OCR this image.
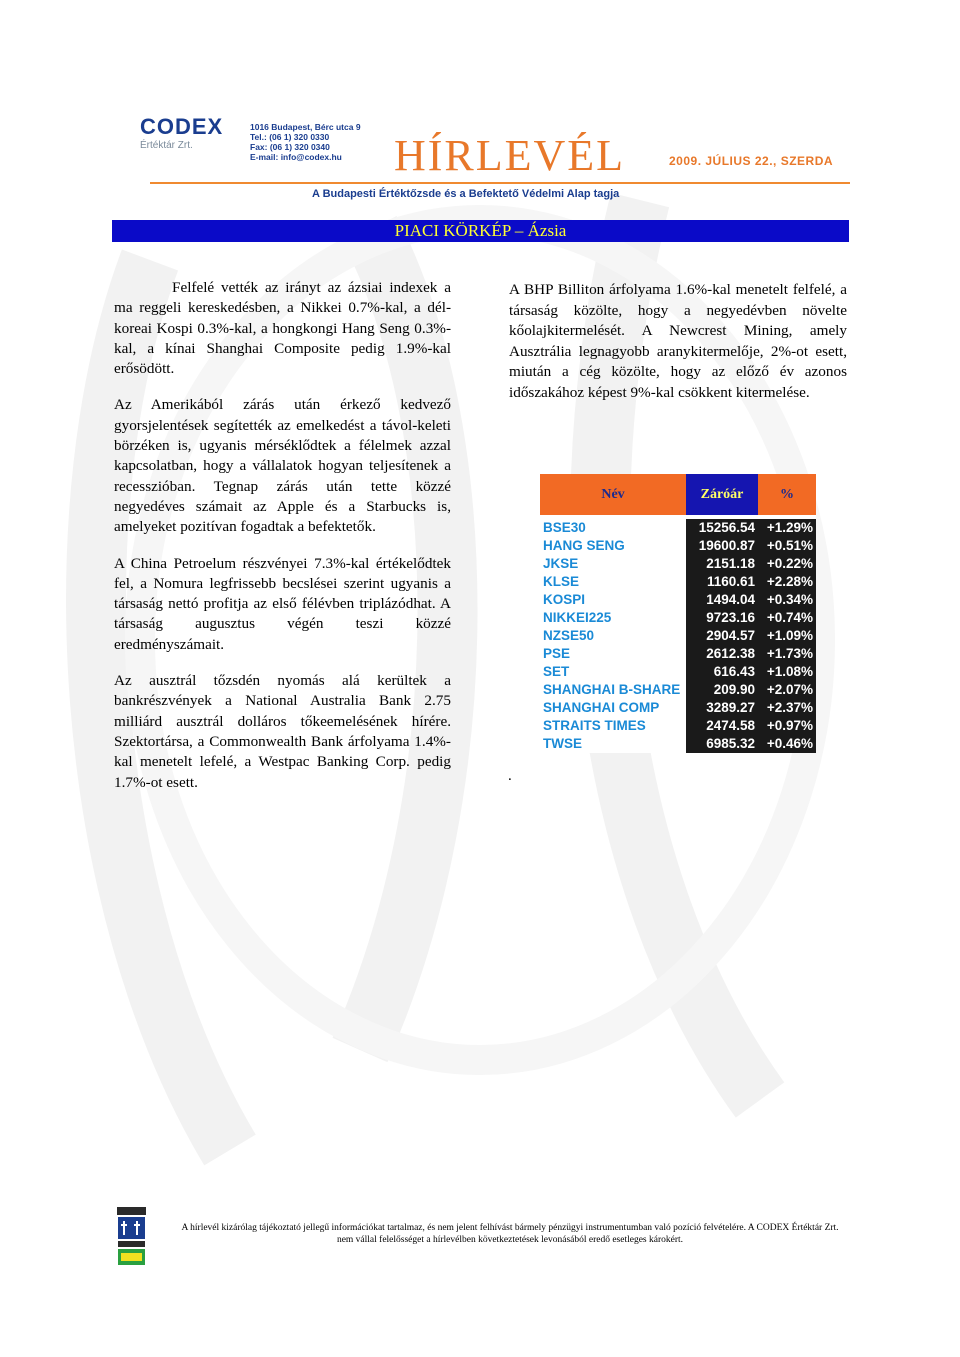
CODEX
Értéktár Zrt.
1016 Budapest, Bérc utca 9
Tel.: (06 1) 320 0330
Fax: (06 1) 320 0340
E-mail: info@codex.hu	HÍRLEVÉL	2009. JÚLIUS 22., SZERDA
A Budapesti Értéktőzsde és a Befektető Védelmi Alap tagja
PIACI KÖRKÉP – Ázsia

Felfelé vették az irányt az ázsiai indexek a ma reggeli kereskedésben, a Nikkei 0.7%-kal, a dél-koreai Kospi 0.3%-kal, a hongkongi Hang Seng 0.3%-kal, a kínai Shanghai Composite pedig 1.9%-kal erősödött.

Az Amerikából zárás után érkező kedvező gyorsjelentések segítették az emelkedést a távol-keleti börzéken is, ugyanis mérséklődtek a félelmek azzal kapcsolatban, hogy a vállalatok hogyan teljesítenek a recesszióban. Tegnap zárás után tette közzé negyedéves számait az Apple és a Starbucks is, amelyeket pozitívan fogadtak a befektetők.

A China Petroelum részvényei 7.3%-kal értékelődtek fel, a Nomura legfrissebb becslései szerint ugyanis a társaság nettó profitja az első félévben triplázódhat. A társaság augusztus végén teszi közzé eredményszámait.

Az ausztrál tőzsdén nyomás alá kerültek a bankrészvények a National Australia Bank 2.75 milliárd ausztrál dolláros tőkeemelésének hírére. Szektortársa, a Commonwealth Bank árfolyama 1.4%-kal menetelt lefelé, a Westpac Banking Corp. pedig 1.7%-ot esett.

A BHP Billiton árfolyama 1.6%-kal menetelt felfelé, a társaság közölte, hogy a negyedévben növelte kőolajkitermelését. A Newcrest Mining, amely Ausztrália legnagyobb aranykitermelője, 2%-ot esett, miután a cég közölte, hogy az előző év azonos időszakához képest 9%-kal csökkent kitermelése.

Név	Záróár	%

BSE30	15256.54	+1.29%
HANG SENG	19600.87	+0.51%
JKSE	2151.18	+0.22%
KLSE	1160.61	+2.28%
KOSPI	1494.04	+0.34%
NIKKEI225	9723.16	+0.74%
NZSE50	2904.57	+1.09%
PSE	2612.38	+1.73%
SET	616.43	+1.08%
SHANGHAI B-SHARE	209.90	+2.07%
SHANGHAI COMP	3289.27	+2.37%
STRAITS TIMES	2474.58	+0.97%
TWSE	6985.32	+0.46%
.
A hírlevél kizárólag tájékoztató jellegű információkat tartalmaz, és nem jelent felhívást bármely pénzügyi instrumentumban való pozíció felvételére. A CODEX Értéktár Zrt.
nem vállal felelősséget a hírlevélben következtetések levonásából eredő esetleges károkért.
